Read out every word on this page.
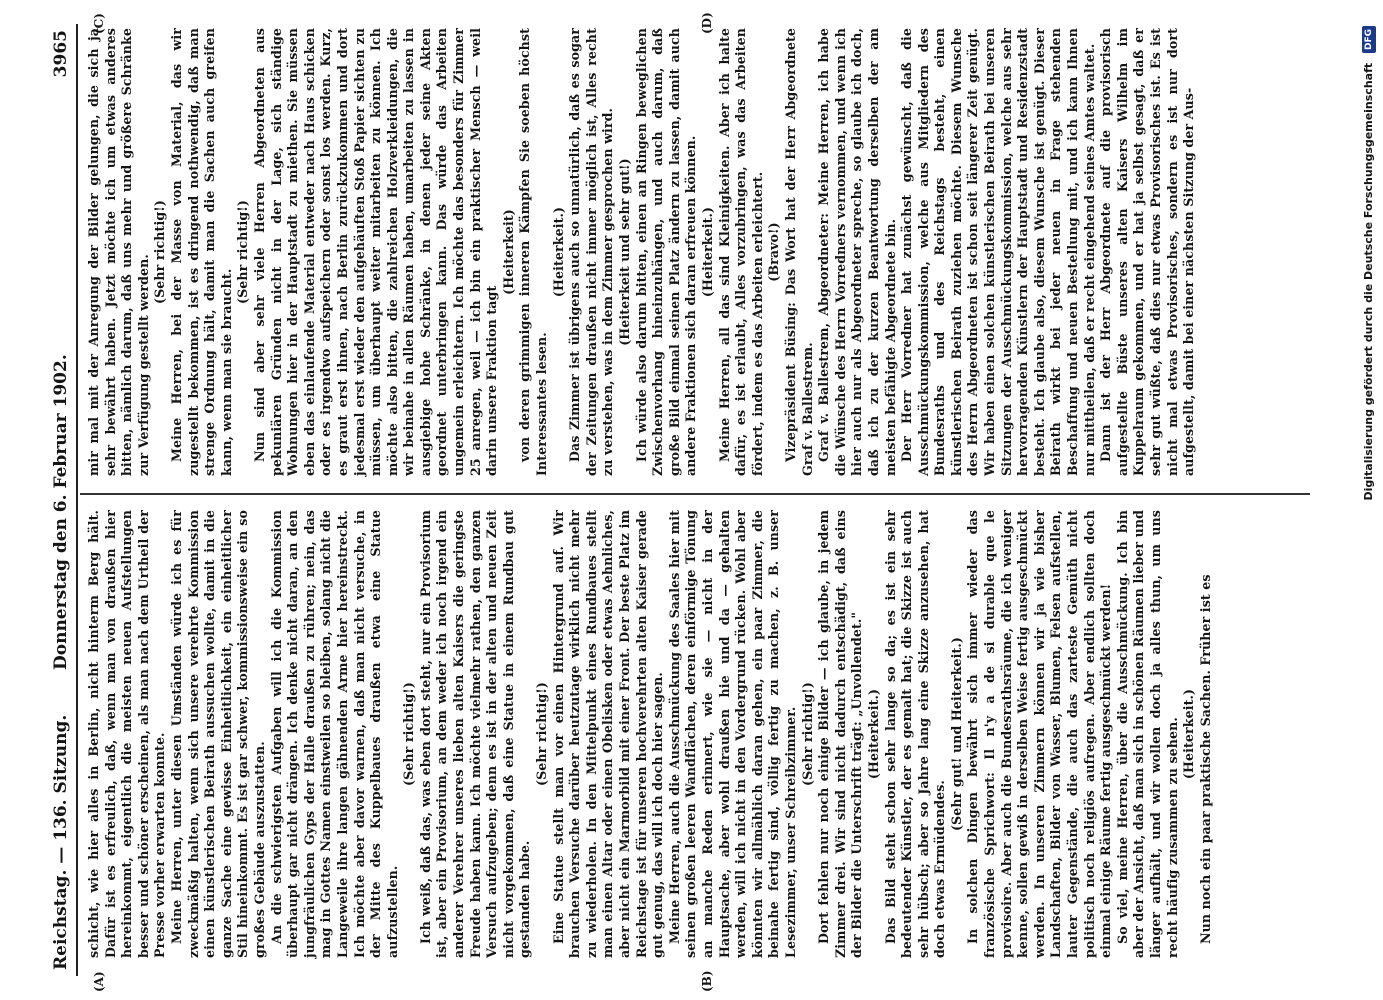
Reichstag. — 136. Sitzung.
Donnerstag den 6. Februar 1902.
3965
(A)	(B)
(C)	(D)

schicht, wie hier alles in Berlin, nicht hinterm Berg hält. Dafür ist es erfreulich, daß, wenn man von draußen hier hereinkommt, eigentlich die meisten neuen Aufstellungen besser und schöner erscheinen, als man nach dem Urtheil der Presse vorher erwarten konnte. Meine Herren, unter diesen Umständen würde ich es für zweckmäßig halten, wenn sich unsere verehrte Kommission einen künstlerischen Beirath aussuchen wollte, damit in die ganze Sache eine gewisse Einheitlichkeit, ein einheitlicher Stil hineinkommt. Es ist gar schwer, kommissionsweise ein so großes Gebäude auszustatten. An die schwierigsten Aufgaben will ich die Kommission überhaupt gar nicht drängen. Ich denke nicht daran, an den jungfräulichen Gyps der Halle draußen zu rühren; nein, das mag in Gottes Namen einstweilen so bleiben, solang nicht die Langeweile ihre langen gähnenden Arme hier hereinstreckt. Ich möchte aber davor warnen, daß man nicht versuche, in der Mitte des Kuppelbaues draußen etwa eine Statue aufzustellen.

(Sehr richtig!) Ich weiß, daß das, was eben dort steht, nur ein Provisorium ist, aber ein Provisorium, an dem weder ich noch irgend ein anderer Verehrer unseres lieben alten Kaisers die geringste Freude haben kann. Ich möchte vielmehr rathen, den ganzen Versuch aufzugeben; denn es ist in der alten und neuen Zeit nicht vorgekommen, daß eine Statue in einem Rundbau gut gestanden habe.

(Sehr richtig!) Eine Statue stellt man vor einen Hintergrund auf. Wir brauchen Versuche darüber heutzutage wirklich nicht mehr zu wiederholen. In den Mittelpunkt eines Rundbaues stellt man einen Altar oder einen Obelisken oder etwas Aehnliches, aber nicht ein Marmorbild mit einer Front. Der beste Platz im Reichstage ist für unseren hochverehrten alten Kaiser gerade gut genug, das will ich doch hier sagen. Meine Herren, auch die Ausschmückung des Saales hier mit seinen großen leeren Wandflächen, deren einförmige Tönung an manche Reden erinnert, wie sie — nicht in der Hauptsache, aber wohl draußen hie und da — gehalten werden, will ich nicht in den Vordergrund rücken. Wohl aber könnten wir allmählich daran gehen, ein paar Zimmer, die beinahe fertig sind, völlig fertig zu machen, z. B. unser Lesezimmer, unser Schreibzimmer. (Sehr richtig!) Dort fehlen nur noch einige Bilder — ich glaube, in jedem Zimmer drei. Wir sind nicht dadurch entschädigt, daß eins der Bilder die Unterschrift trägt: „Unvollendet." (Heiterkeit.) Das Bild steht schon sehr lange so da; es ist ein sehr bedeutender Künstler, der es gemalt hat; die Skizze ist auch sehr hübsch; aber so Jahre lang eine Skizze anzusehen, hat doch etwas Ermüdendes.

(Sehr gut! und Heiterkeit.) In solchen Dingen bewährt sich immer wieder das französische Sprichwort: Il n'y a de si durable que le provisoire. Aber auch die Bundesrathsräume, die ich weniger kenne, sollen gewiß in derselben Weise fertig ausgeschmückt werden. In unseren Zimmern können wir ja wie bisher Landschaften, Bilder von Wasser, Blumen, Felsen aufstellen, lauter Gegenstände, die auch das zarteste Gemüth nicht politisch noch religiös aufregen. Aber endlich sollten doch einmal einige Räume fertig ausgeschmückt werden! So viel, meine Herren, über die Ausschmückung. Ich bin aber der Ansicht, daß man sich in schönen Räumen lieber und länger aufhält, und wir wollen doch ja alles thun, um uns recht häufig zusammen zu sehen. (Heiterkeit.) Nun noch ein paar praktische Sachen. Früher ist es

mir mal mit der Anregung der Bilder gelungen, die sich ja sehr bewährt haben. Jetzt möchte ich um etwas anderes bitten, nämlich darum, daß uns mehr und größere Schränke zur Verfügung gestellt werden.

(Sehr richtig!) Meine Herren, bei der Masse von Material, das wir zugestellt bekommen, ist es dringend nothwendig, daß man strenge Ordnung hält, damit man die Sachen auch greifen kann, wenn man sie braucht.

(Sehr richtig!) Nun sind aber sehr viele Herren Abgeordneten aus pekuniären Gründen nicht in der Lage, sich ständige Wohnungen hier in der Hauptstadt zu miethen. Sie müssen eben das einlaufende Material entweder nach Haus schicken oder es irgendwo aufspeichern oder sonst los werden. Kurz, es graut erst ihnen, nach Berlin zurückzukommen und dort jedesmal erst wieder den aufgehäuften Stoß Papier sichten zu müssen, um überhaupt weiter mitarbeiten zu können. Ich möchte also bitten, die zahlreichen Holzverkleidungen, die wir beinahe in allen Räumen haben, umarbeiten zu lassen in ausgiebige hohe Schränke, in denen jeder seine Akten geordnet unterbringen kann. Das würde das Arbeiten ungemein erleichtern. Ich möchte das besonders für Zimmer 25 anregen, weil — ich bin ein praktischer Mensch — weil darin unsere Fraktion tagt

(Heiterkeit) von deren grimmigen inneren Kämpfen Sie soeben höchst Interessantes lesen.

(Heiterkeit.) Das Zimmer ist übrigens auch so unnatürlich, daß es sogar der Zeitungen draußen nicht immer möglich ist, Alles recht zu verstehen, was in dem Zimmer gesprochen wird. (Heiterkeit und sehr gut!) Ich würde also darum bitten, einen an Ringen beweglichen Zwischenvorhang hineinzuhängen, und auch darum, daß große Bild einmal seinen Platz ändern zu lassen, damit auch andere Fraktionen sich daran erfreuen können. (Heiterkeit.) Meine Herren, all das sind Kleinigkeiten. Aber ich halte dafür, es ist erlaubt, Alles vorzubringen, was das Arbeiten fördert, indem es das Arbeiten erleichtert. (Bravo!) Vizepräsident Büsing: Das Wort hat der Herr Abgeordnete Graf v. Ballestrem. Graf v. Ballestrem, Abgeordneter: Meine Herren, ich habe die Wünsche des Herrn Vorredners vernommen, und wenn ich hier auch nur als Abgeordneter spreche, so glaube ich doch, daß ich zu der kurzen Beantwortung derselben der am meisten befähigte Abgeordnete bin. Der Herr Vorredner hat zunächst gewünscht, daß die Ausschmückungskommission, welche aus Mitgliedern des Bundesraths und des Reichstags besteht, einen künstlerischen Beirath zuziehen möchte. Diesem Wunsche des Herrn Abgeordneten ist schon seit längerer Zeit genügt. Wir haben einen solchen künstlerischen Beirath bei unseren Sitzungen der Ausschmückungskommission, welche aus sehr hervorragenden Künstlern der Hauptstadt und Residenzstadt besteht. Ich glaube also, diesem Wunsche ist genügt. Dieser Beirath wirkt bei jeder neuen in Frage stehenden Beschaffung und neuen Bestellung mit, und ich kann Ihnen nur mittheilen, daß er recht eingehend seines Amtes waltet. Dann ist der Herr Abgeordnete auf die provisorisch aufgestellte Büste unseres alten Kaisers Wilhelm im Kuppelraum gekommen, und er hat ja selbst gesagt, daß er sehr gut wüßte, daß dies nur etwas Provisorisches ist. Es ist nicht mal etwas Provisorisches, sondern es ist nur dort aufgestellt, damit bei einer nächsten Sitzung der Aus-	Digitalisierung gefördert durch die Deutsche Forschungsgemeinschaft DFG
